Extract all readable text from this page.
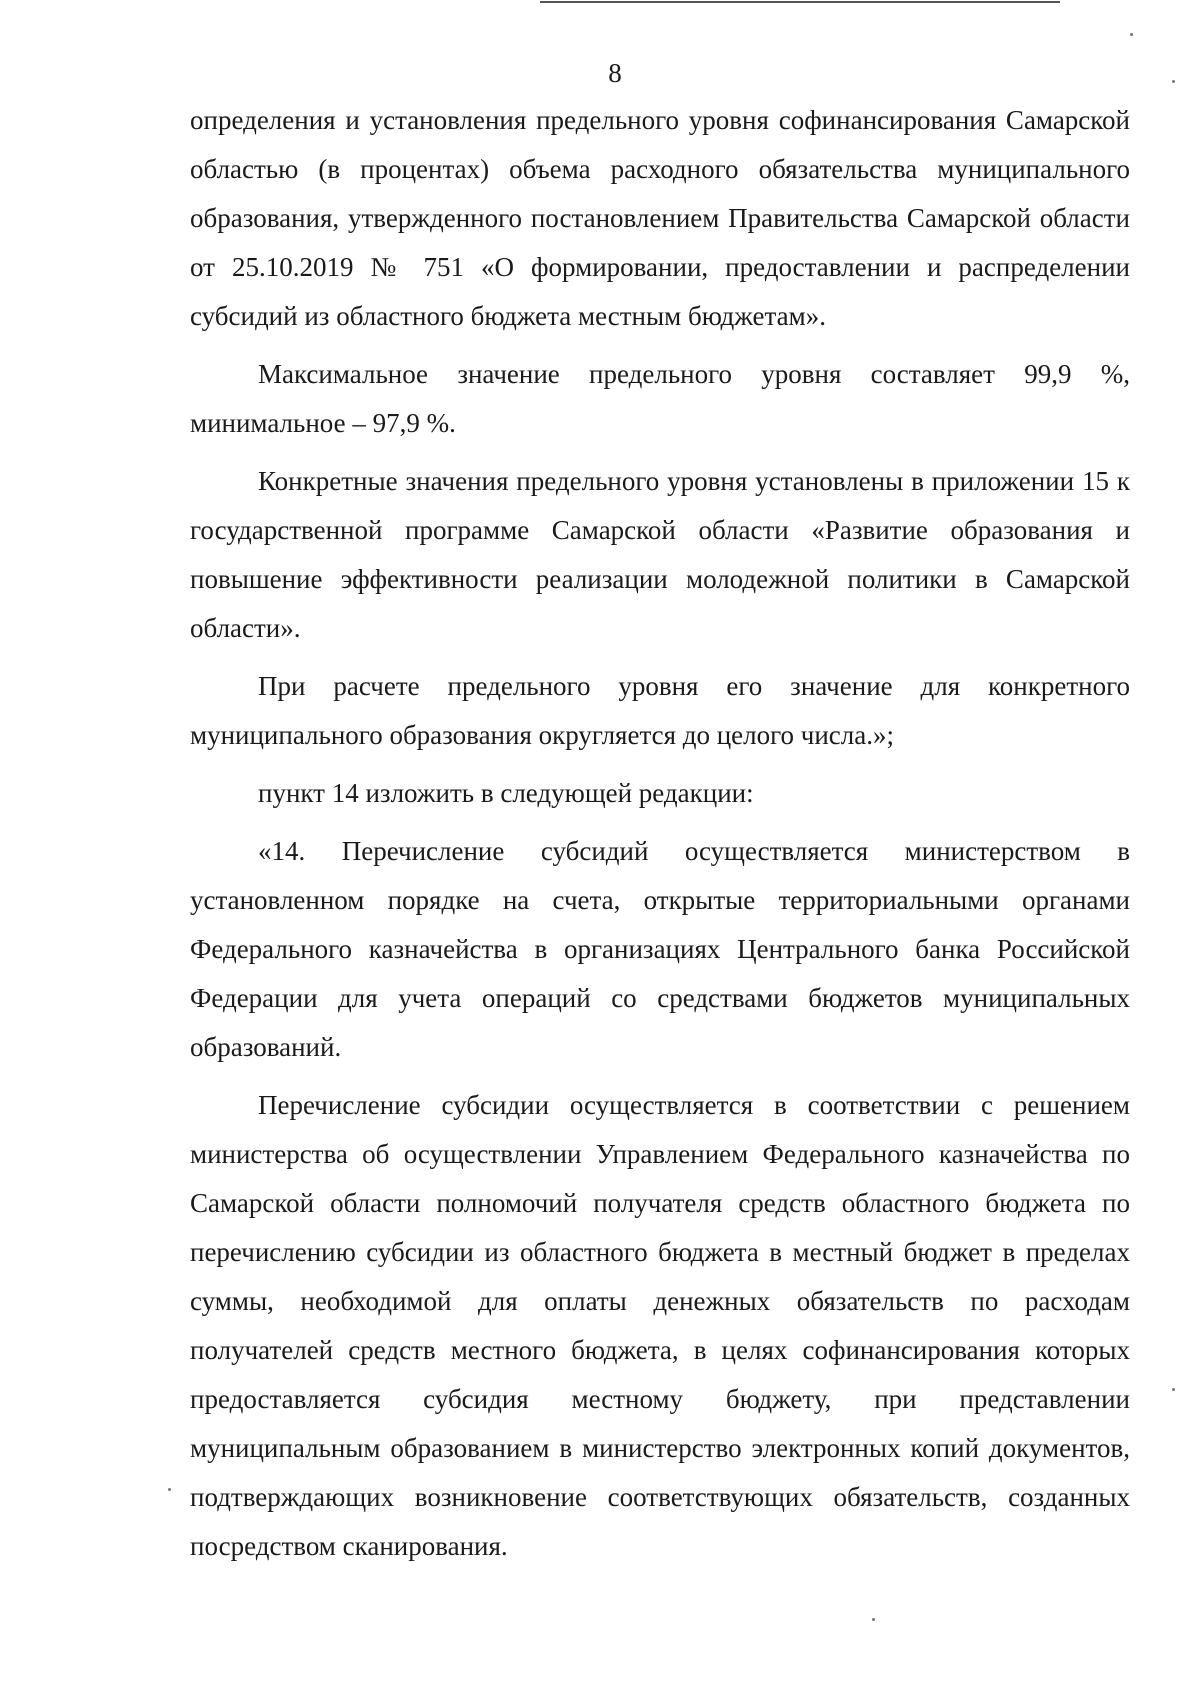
8

определения и установления предельного уровня софинансирования Самарской областью (в процентах) объема расходного обязательства муниципального образования, утвержденного постановлением Правительства Самарской области от 25.10.2019 № 751 «О формировании, предоставлении и распределении субсидий из областного бюджета местным бюджетам».

Максимальное значение предельного уровня составляет 99,9 %, минимальное – 97,9 %.

Конкретные значения предельного уровня установлены в приложении 15 к государственной программе Самарской области «Развитие образования и повышение эффективности реализации молодежной политики в Самарской области».

При расчете предельного уровня его значение для конкретного муниципального образования округляется до целого числа.»;

пункт 14 изложить в следующей редакции:

«14. Перечисление субсидий осуществляется министерством в установленном порядке на счета, открытые территориальными органами Федерального казначейства в организациях Центрального банка Российской Федерации для учета операций со средствами бюджетов муниципальных образований.

Перечисление субсидии осуществляется в соответствии с решением министерства об осуществлении Управлением Федерального казначейства по Самарской области полномочий получателя средств областного бюджета по перечислению субсидии из областного бюджета в местный бюджет в пределах суммы, необходимой для оплаты денежных обязательств по расходам получателей средств местного бюджета, в целях софинансирования которых предоставляется субсидия местному бюджету, при представлении муниципальным образованием в министерство электронных копий документов, подтверждающих возникновение соответствующих обязательств, созданных посредством сканирования.
